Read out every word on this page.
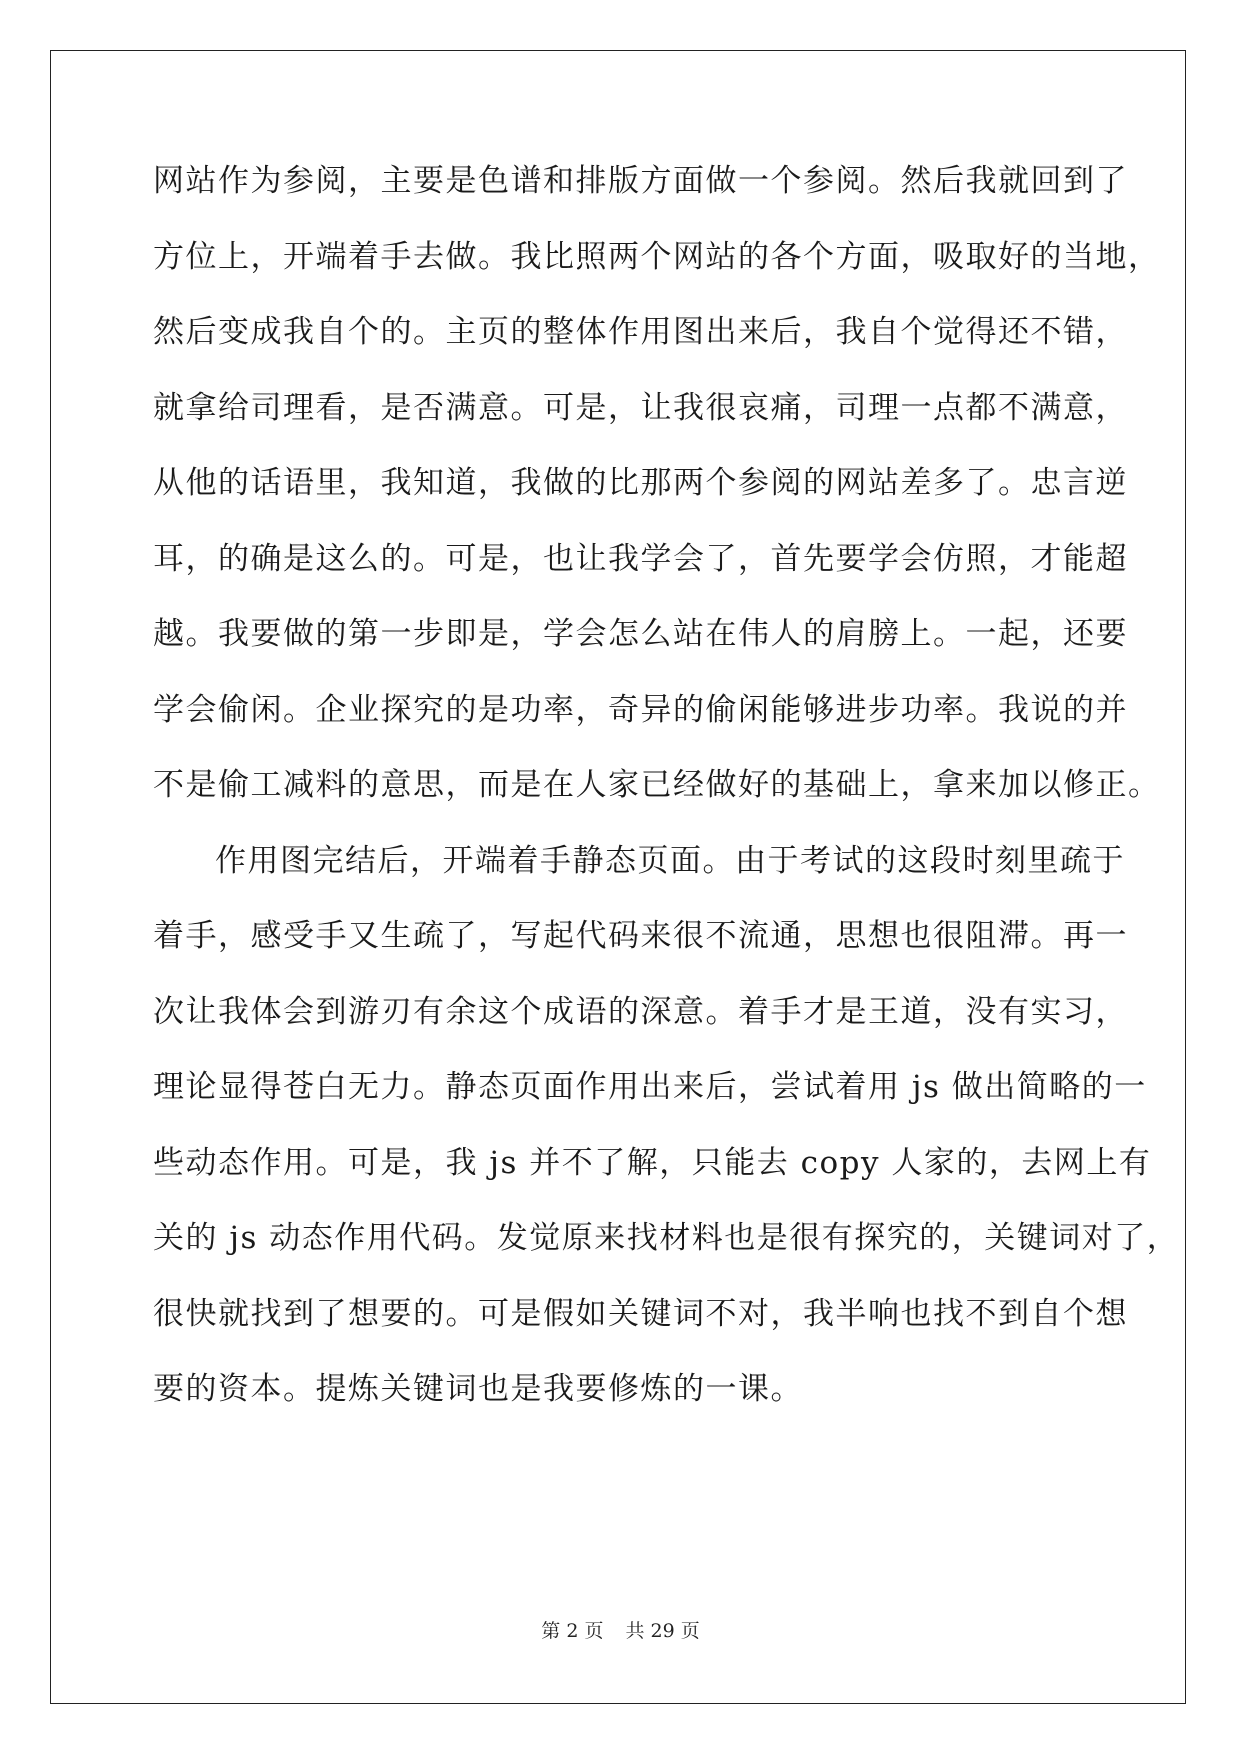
网站作为参阅，主要是色谱和排版方面做一个参阅。然后我就回到了
方位上，开端着手去做。我比照两个网站的各个方面，吸取好的当地，
然后变成我自个的。主页的整体作用图出来后，我自个觉得还不错，
就拿给司理看，是否满意。可是，让我很哀痛，司理一点都不满意，
从他的话语里，我知道，我做的比那两个参阅的网站差多了。忠言逆
耳，的确是这么的。可是，也让我学会了，首先要学会仿照，才能超
越。我要做的第一步即是，学会怎么站在伟人的肩膀上。一起，还要
学会偷闲。企业探究的是功率，奇异的偷闲能够进步功率。我说的并
不是偷工减料的意思，而是在人家已经做好的基础上，拿来加以修正。
作用图完结后，开端着手静态页面。由于考试的这段时刻里疏于
着手，感受手又生疏了，写起代码来很不流通，思想也很阻滞。再一
次让我体会到游刃有余这个成语的深意。着手才是王道，没有实习，
理论显得苍白无力。静态页面作用出来后，尝试着用 js 做出简略的一
些动态作用。可是，我 js 并不了解，只能去 copy 人家的，去网上有
关的 js 动态作用代码。发觉原来找材料也是很有探究的，关键词对了，
很快就找到了想要的。可是假如关键词不对，我半响也找不到自个想
要的资本。提炼关键词也是我要修炼的一课。
第 2 页 共 29 页
